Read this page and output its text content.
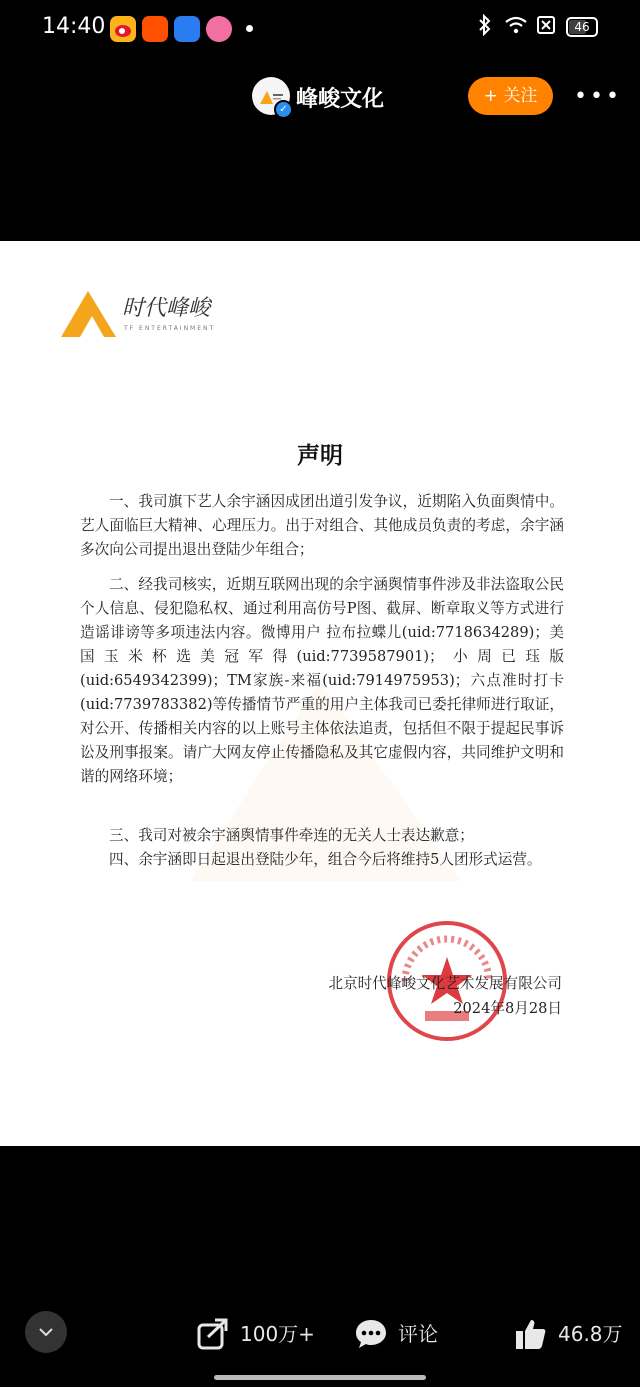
14:40	46
✓ 峰峻文化	+ 关注	•••
时代峰峻
TF ENTERTAINMENT
声明
一、我司旗下艺人余宇涵因成团出道引发争议，近期陷入负面舆情中。艺人面临巨大精神、心理压力。出于对组合、其他成员负责的考虑，余宇涵多次向公司提出退出登陆少年组合；
二、经我司核实，近期互联网出现的余宇涵舆情事件涉及非法盗取公民个人信息、侵犯隐私权、通过利用高仿号P图、截屏、断章取义等方式进行造谣诽谤等多项违法内容。微博用户 拉布拉蝶儿(uid:7718634289)；美国玉米杯选美冠军得(uid:7739587901)；小周已珏版(uid:6549342399)；TM家族-来福(uid:7914975953)；六点准时打卡(uid:7739783382)等传播情节严重的用户主体我司已委托律师进行取证，对公开、传播相关内容的以上账号主体依法追责，包括但不限于提起民事诉讼及刑事报案。请广大网友停止传播隐私及其它虚假内容，共同维护文明和谐的网络环境；
三、我司对被余宇涵舆情事件牵连的无关人士表达歉意；
四、余宇涵即日起退出登陆少年，组合今后将维持5人团形式运营。
北京时代峰峻文化艺术发展有限公司
2024年8月28日
@峰峻文化
100万+	评论	46.8万
